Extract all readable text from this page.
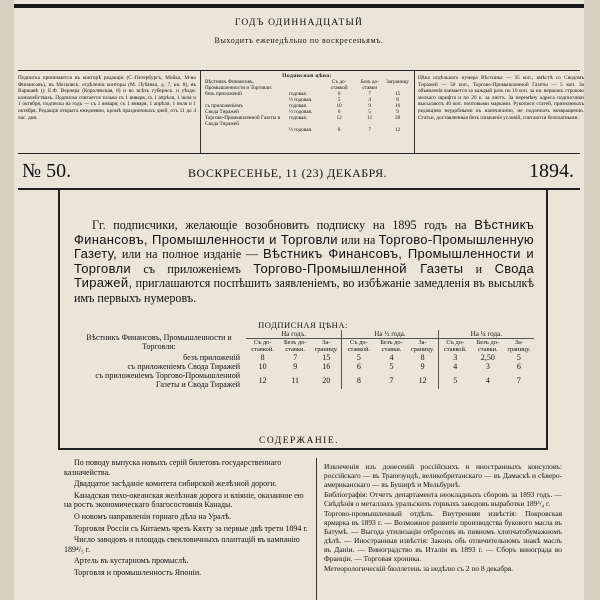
ГОДЪ ОДИННАДЦАТЫЙ
Выходитъ еженедѣльно по воскресеньямъ.
Подписка принимается въ конторѣ редакціи (С.-Петербургъ, Мойка, М-во Финансовъ), въ Московск. отдѣленіи конторы (М. Лубянка, д. 7, кв. 8), въ Варшавѣ (у Е.Ф. Вернера (Королевская, 8) и во всѣхъ губернск. и уѣздн. казначействахъ. Подписка считается только съ 1 января, съ 1 апрѣля, 1 іюля и 1 октября, подписка на годъ — съ 1 января; съ 1 января, 1 апрѣля, 1 іюля и 1 октября. Редакція открыта ежедневно, кромѣ праздничныхъ дней, отъ 11 до 4 час. дня.
Подписная цѣна:
Вѣстникъ Финансовъ, Промышленности и Торговли:		Съ до-ставкой	Безъ до-ставки	Заграницу
безъ приложеній	годовая.	8	7	15
	½ годовая.	5	4	8
съ приложеніемъ	годовая.	10	9	16
Свода Тиражей	½ годовая.	6	5	9
Торгово-Промышленной Газеты и Свода Тиражей	годовая.	12	11	20
	½ годовая.	8	7	12
Цѣна отдѣльнаго нумера Вѣстника — 35 коп., вмѣстѣ со Сводомъ Тиражей — 50 коп., Торгово-Промышленной Газеты — 5 коп. За объявленія взимается за каждый разъ по 10 коп. за кв. вершокъ строкою мелкаго шрифта и по 20 к. за листъ. За перемѣну адреса подписчики высылаютъ 40 коп. почтовыми марками. Рукописи статей, признанныхъ редакціею неудобными къ напечатанію, не подлежатъ возвращенію. Статьи, доставленныя безъ означенія условій, считаются безплатными.
№ 50.	ВОСКРЕСЕНЬЕ, 11 (23) ДЕКАБРЯ.	1894.
Гг. подписчики, желающіе возобновить подписку на 1895 годъ на Вѣстникъ Финансовъ, Промышленности и Торговли или на Торгово-Промышленную Газету, или на полное изданіе — Вѣстникъ Финансовъ, Промышленности и Торговли съ приложеніемъ Торгово-Промышленной Газеты и Свода Тиражей, приглашаются поспѣшить заявленіемъ, во избѣжаніе замедленія въ высылкѣ имъ первыхъ нумеровъ.
ПОДПИСНАЯ ЦѢНА:
Вѣстникъ Финансовъ, Промышленности и Торговли:	На годъ.			На ½ года.			На ¼ года.		
	Съ до-ставкой.	Безъ до-ставки.	За-границу.	Съ до-ставкой.	Безъ до-ставки.	За-границу.	Съ до-ставкой.	Безъ до-ставки.	За-границу.
безъ приложеній	8	7	15	5	4	8	3	2,50	5
съ приложеніемъ Свода Тиражей	10	9	16	6	5	9	4	3	6
съ приложеніемъ Торгово-Промышленной Газеты и Свода Тиражей	12	11	20	8	7	12	5	4	7
СОДЕРЖАНІЕ.

По поводу выпуска новыхъ серій билетовъ государственнаго казначейства.

Двадцатое засѣданіе комитета сибирской желѣзной дороги.

Канадская тихо-океанская желѣзная дорога и вліяніе, оказанное ею на ростъ экономическаго благосостоянія Канады.

О новомъ направленіи горнаго дѣла на Уралѣ.

Торговля Россіи съ Китаемъ чрезъ Кяхту за первые двѣ трети 1894 г.

Число заводовъ и площадь свекловичныхъ плантацій въ кампанію 189⁴/₅ г.

Артель въ кустарномъ промыслѣ.

Торговля и промышленность Японіи.

Извлеченія изъ донесеній россійскихъ и иностранныхъ консуловъ: россійскаго — въ Трапезундѣ, великобританскаго — въ Дамаскѣ и сѣверо-американскаго — въ Буширѣ и Мельбурнѣ.

Библіографія: Отчетъ департамента неокладныхъ сборовъ за 1893 годъ. — Свѣдѣнія о металлахъ уральскихъ горныхъ заводовъ выработки 189³/₄ г.

Торгово-промышленный отдѣлъ. Внутренняя извѣстія: Покровская ярмарка въ 1893 г. — Возможное развитіе производства букового масла въ Батумѣ. — Выгода утилизаціи отбросовъ въ пивномъ хлопчатобумажномъ дѣлѣ. — Иностранныя извѣстія: Законъ объ отличительномъ знакѣ маслъ въ Даніи. — Виноградство въ Италіи въ 1893 г. — Сборъ винограда во Франціи. — Торговая хроника.

Метеорологическій бюллетень за недѣлю съ 2 по 8 декабря.
